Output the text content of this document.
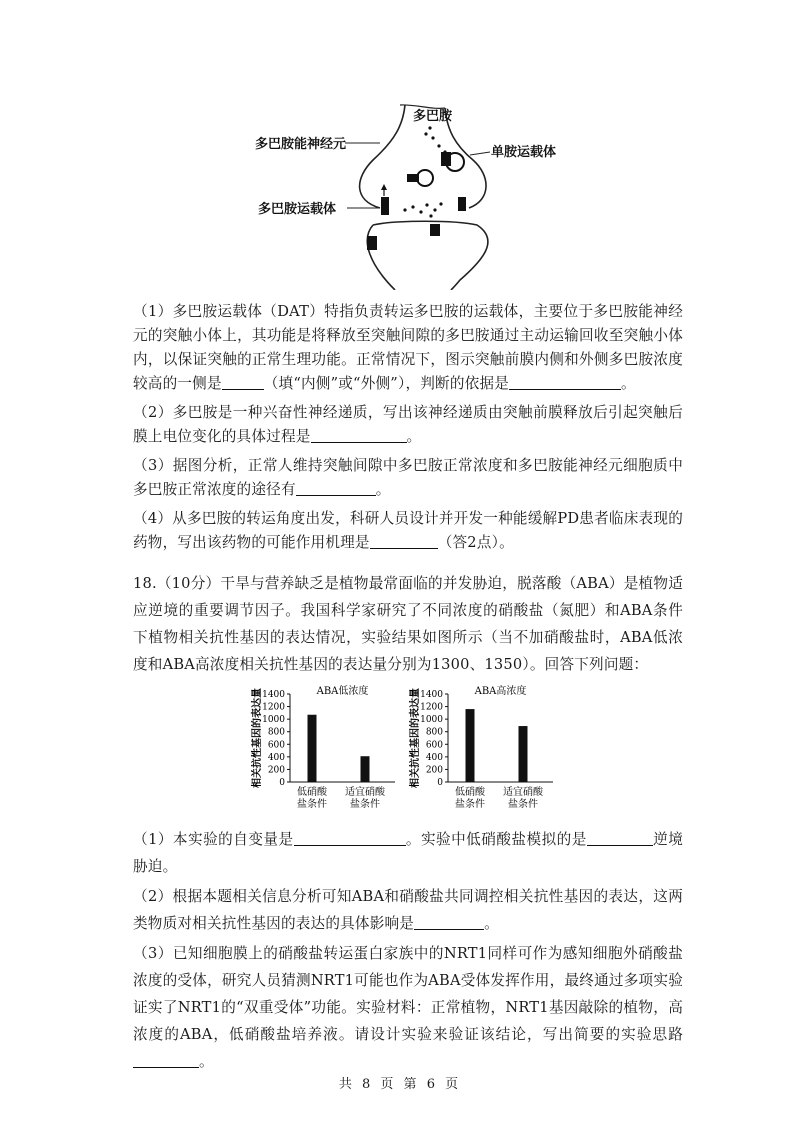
多巴胺
多巴胺能神经元
单胺运载体
多巴胺运载体

（1）多巴胺运载体（DAT）特指负责转运多巴胺的运载体，主要位于多巴胺能神经元的突触小体上，其功能是将释放至突触间隙的多巴胺通过主动运输回收至突触小体内，以保证突触的正常生理功能。正常情况下，图示突触前膜内侧和外侧多巴胺浓度较高的一侧是	（填“内侧”或“外侧”），判断的依据是	。

（2）多巴胺是一种兴奋性神经递质，写出该神经递质由突触前膜释放后引起突触后膜上电位变化的具体过程是	。

（3）据图分析，正常人维持突触间隙中多巴胺正常浓度和多巴胺能神经元细胞质中多巴胺正常浓度的途径有	。

（4）从多巴胺的转运角度出发，科研人员设计并开发一种能缓解PD患者临床表现的药物，写出该药物的可能作用机理是	（答2点）。

18.（10分）干旱与营养缺乏是植物最常面临的并发胁迫，脱落酸（ABA）是植物适应逆境的重要调节因子。我国科学家研究了不同浓度的硝酸盐（氮肥）和ABA条件下植物相关抗性基因的表达情况，实验结果如图所示（当不加硝酸盐时，ABA低浓度和ABA高浓度相关抗性基因的表达量分别为1300、1350）。回答下列问题：

相关抗性基因的表达量	ABA低浓度
0
200
400
600
800
1000
1200
1400
低硝酸
盐条件
适宜硝酸
盐条件
相关抗性基因的表达量	ABA高浓度
0
200
400
600
800
1000
1200
1400
低硝酸
盐条件
适宜硝酸
盐条件

（1）本实验的自变量是	。实验中低硝酸盐模拟的是	逆境胁迫。

（2）根据本题相关信息分析可知ABA和硝酸盐共同调控相关抗性基因的表达，这两类物质对相关抗性基因的表达的具体影响是	。

（3）已知细胞膜上的硝酸盐转运蛋白家族中的NRT1同样可作为感知细胞外硝酸盐浓度的受体，研究人员猜测NRT1可能也作为ABA受体发挥作用，最终通过多项实验证实了NRT1的“双重受体”功能。实验材料：正常植物，NRT1基因敲除的植物，高浓度的ABA，低硝酸盐培养液。请设计实验来验证该结论，写出简要的实验思路。

共 8 页 第 6 页
